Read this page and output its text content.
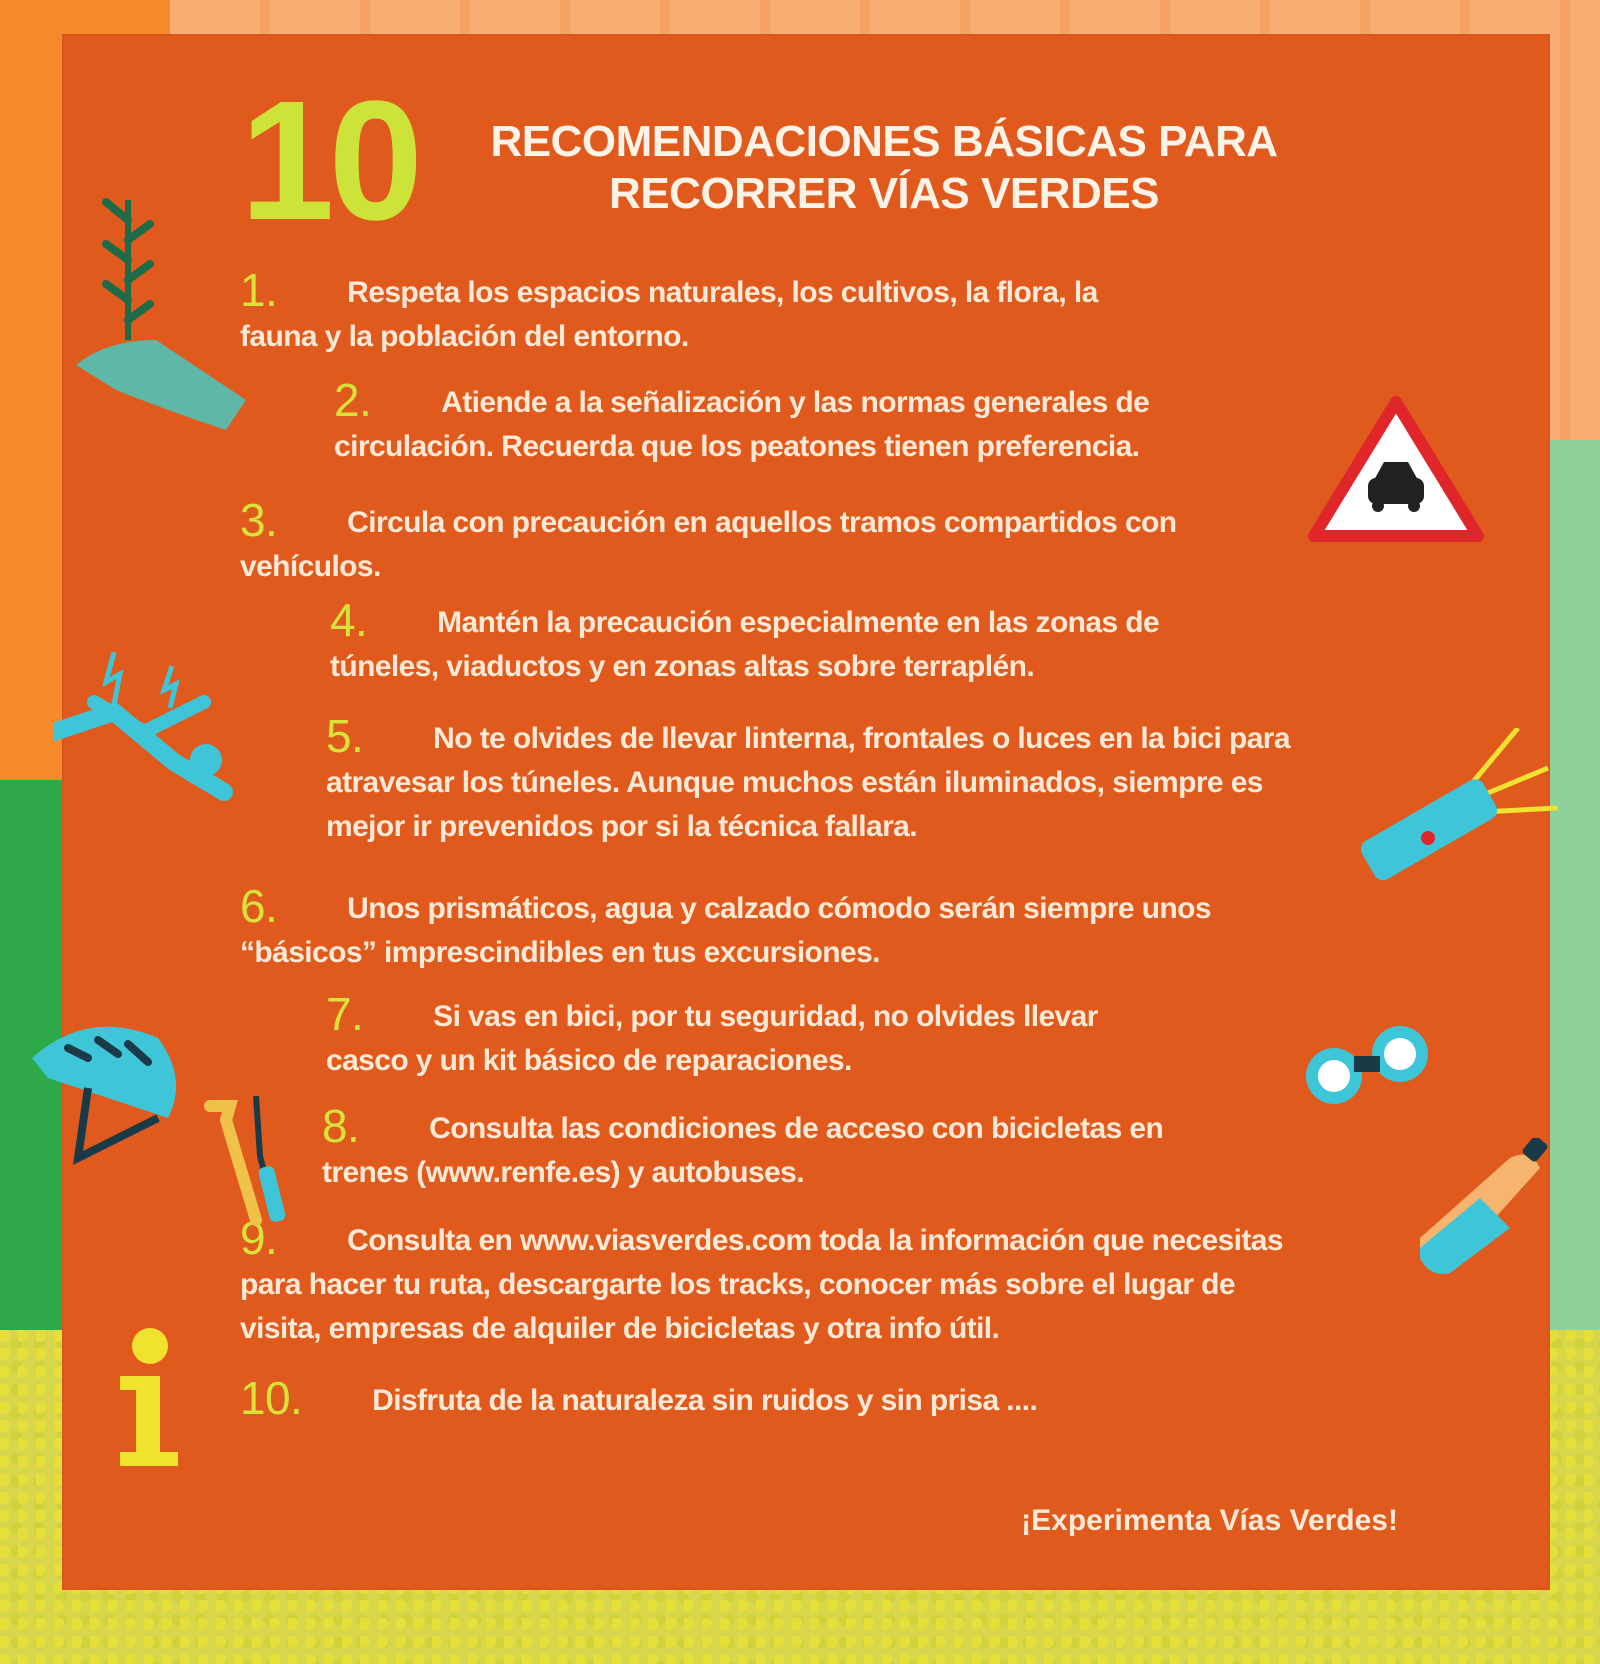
10	RECOMENDACIONES BÁSICAS PARA RECORRER VÍAS VERDES
1. Respeta los espacios naturales, los cultivos, la flora, la fauna y la población del entorno.
2. Atiende a la señalización y las normas generales de circulación. Recuerda que los peatones tienen preferencia.
3. Circula con precaución en aquellos tramos compartidos con vehículos.
4. Mantén la precaución especialmente en las zonas de túneles, viaductos y en zonas altas sobre terraplén.
5. No te olvides de llevar linterna, frontales o luces en la bici para atravesar los túneles. Aunque muchos están iluminados, siempre es mejor ir prevenidos por si la técnica fallara.
6. Unos prismáticos, agua y calzado cómodo serán siempre unos “básicos” imprescindibles en tus excursiones.
7. Si vas en bici, por tu seguridad, no olvides llevar casco y un kit básico de reparaciones.
8. Consulta las condiciones de acceso con bicicletas en trenes (www.renfe.es) y autobuses.
9. Consulta en www.viasverdes.com toda la información que necesitas para hacer tu ruta, descargarte los tracks, conocer más sobre el lugar de visita, empresas de alquiler de bicicletas y otra info útil.
10. Disfruta de la naturaleza sin ruidos y sin prisa ....
¡Experimenta Vías Verdes!
